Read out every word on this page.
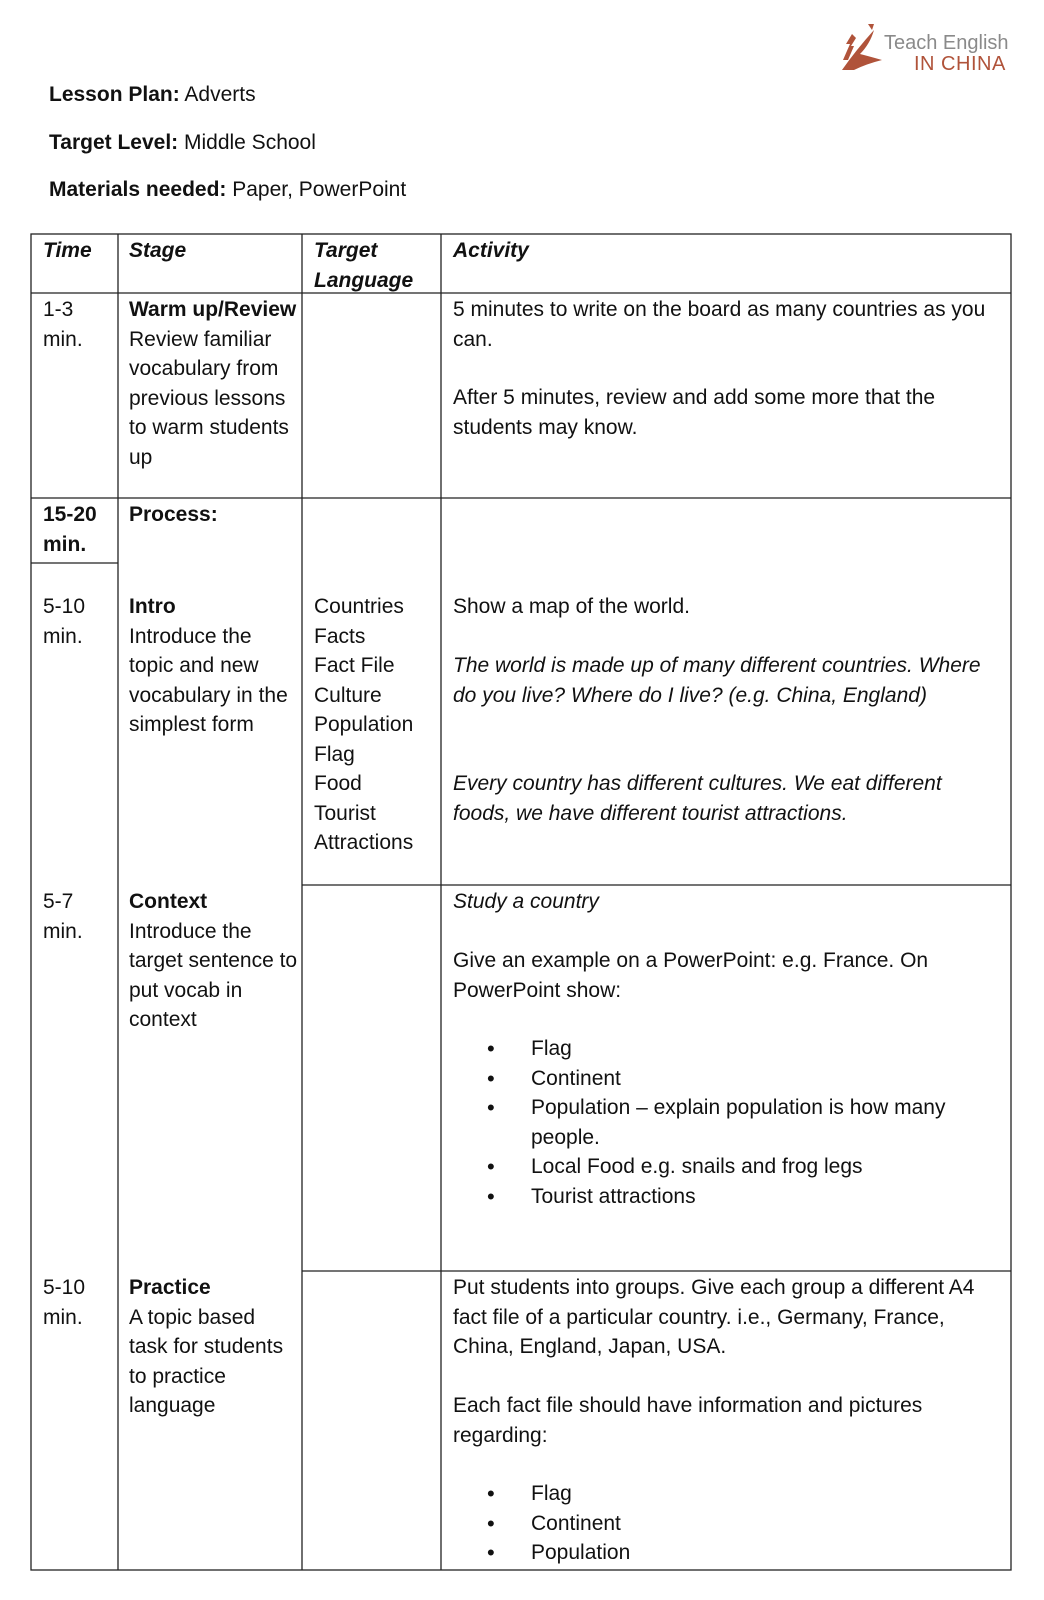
Teach English
IN CHINA
Lesson Plan: Adverts
Target Level: Middle School
Materials needed: Paper, PowerPoint
Time Stage	Target Language
Activity
1-3 min.
Warm up/Review
Review familiar vocabulary from previous lessons to warm students up
5 minutes to write on the board as many countries as you can.
After 5 minutes, review and add some more that the students may know.
15-20 min.
Process:
5-10 min.
Intro
Introduce the topic and new vocabulary in the simplest form
Countries
Facts
Fact File
Culture
Population
Flag
Food
Tourist
Attractions
Show a map of the world.
The world is made up of many different countries. Where do you live? Where do I live? (e.g. China, England)
Every country has different cultures. We eat different foods, we have different tourist attractions.
5-7 min.
Context
Introduce the target sentence to put vocab in context
Study a country
Give an example on a PowerPoint: e.g. France. On PowerPoint show:
• Flag
• Continent
• Population – explain population is how many people.
• Local Food e.g. snails and frog legs
• Tourist attractions
5-10 min.
Practice
A topic based task for students to practice language
Put students into groups. Give each group a different A4 fact file of a particular country. i.e., Germany, France, China, England, Japan, USA.
Each fact file should have information and pictures regarding:
• Flag
• Continent
• Population
